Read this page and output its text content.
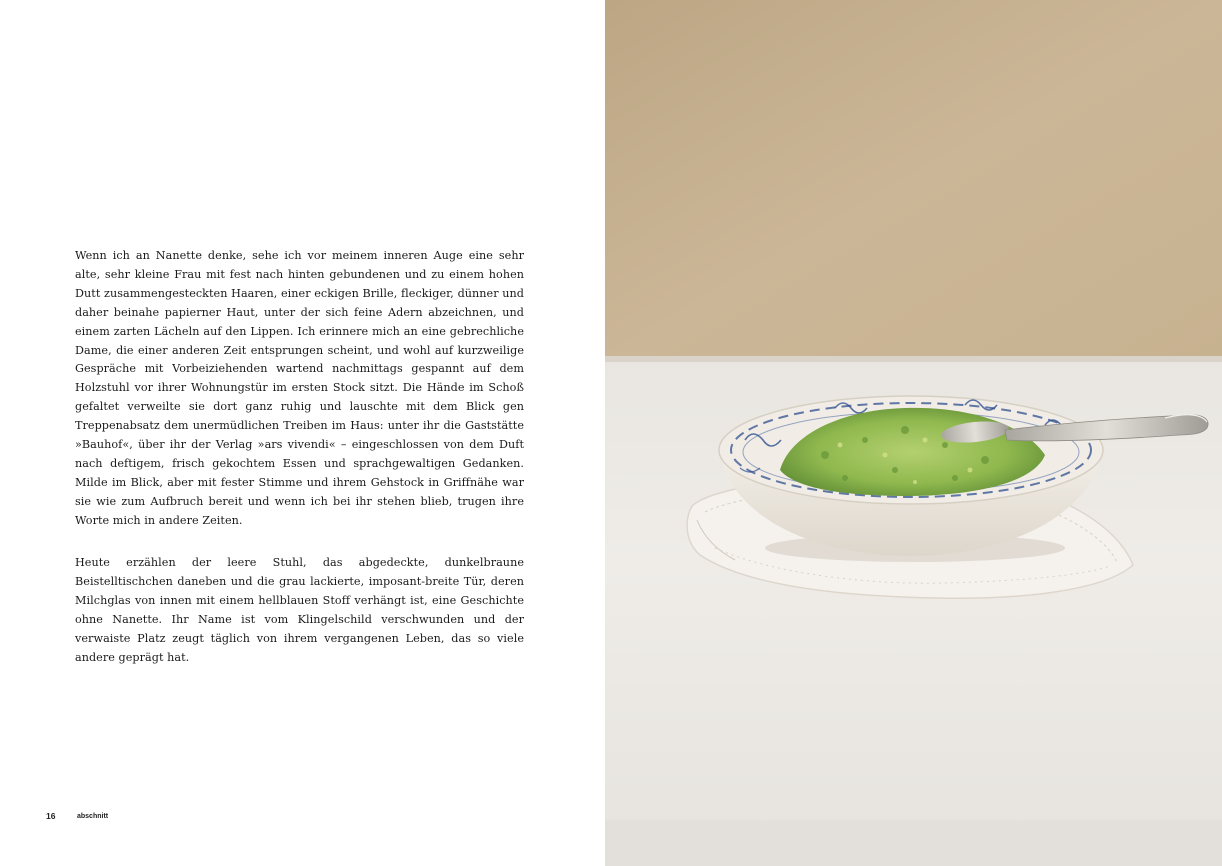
Wenn ich an Nanette denke, sehe ich vor meinem inneren Auge eine sehr alte, sehr kleine Frau mit fest nach hinten gebundenen und zu einem hohen Dutt zusammengesteckten Haaren, einer eckigen Brille, fleckiger, dünner und daher beinahe papierner Haut, unter der sich feine Adern abzeichnen, und einem zarten Lächeln auf den Lippen. Ich erinnere mich an eine gebrechliche Dame, die einer anderen Zeit entsprungen scheint, und wohl auf kurzweilige Gespräche mit Vorbeiziehenden wartend nachmittags gespannt auf dem Holzstuhl vor ihrer Wohnungstür im ersten Stock sitzt. Die Hände im Schoß gefaltet verweilte sie dort ganz ruhig und lauschte mit dem Blick gen Treppenabsatz dem unermüdlichen Treiben im Haus: unter ihr die Gaststätte »Bauhof«, über ihr der Verlag »ars vivendi« – eingeschlossen von dem Duft nach deftigem, frisch gekochtem Essen und sprachgewaltigen Gedanken. Milde im Blick, aber mit fester Stimme und ihrem Gehstock in Griffnähe war sie wie zum Aufbruch bereit und wenn ich bei ihr stehen blieb, trugen ihre Worte mich in andere Zeiten.

Heute erzählen der leere Stuhl, das abgedeckte, dunkelbraune Beistelltischchen daneben und die grau lackierte, imposant-breite Tür, deren Milchglas von innen mit einem hellblauen Stoff verhängt ist, eine Geschichte ohne Nanette. Ihr Name ist vom Klingelschild verschwunden und der verwaiste Platz zeugt täglich von ihrem vergangenen Leben, das so viele andere geprägt hat.

16	abschnitt
